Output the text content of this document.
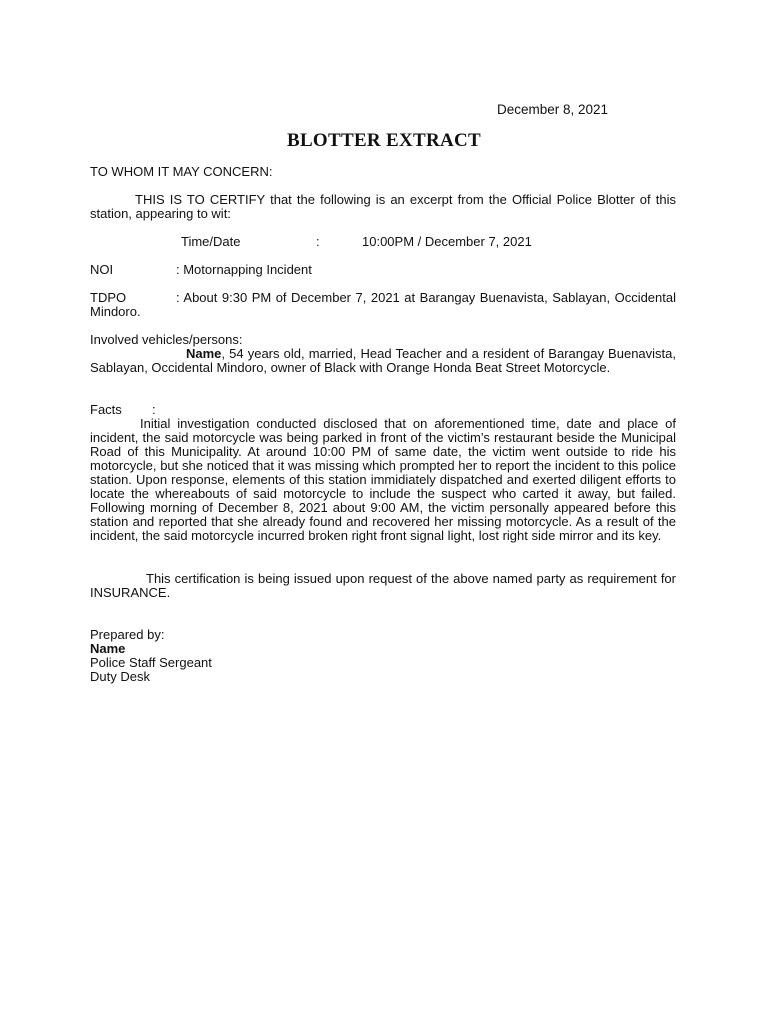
December 8, 2021
BLOTTER EXTRACT
TO WHOM IT MAY CONCERN:
THIS IS TO CERTIFY that the following is an excerpt from the Official Police Blotter of this station, appearing to wit:
Time/Date	:	10:00PM / December 7, 2021
NOI	: Motornapping Incident
TDPO	: About 9:30 PM of December 7, 2021 at Barangay Buenavista, Sablayan, Occidental Mindoro.
Involved vehicles/persons:
Name, 54 years old, married, Head Teacher and a resident of Barangay Buenavista, Sablayan, Occidental Mindoro, owner of Black with Orange Honda Beat Street Motorcycle.
Facts :
Initial investigation conducted disclosed that on aforementioned time, date and place of incident, the said motorcycle was being parked in front of the victim’s restaurant beside the Municipal Road of this Municipality. At around 10:00 PM of same date, the victim went outside to ride his motorcycle, but she noticed that it was missing which prompted her to report the incident to this police station. Upon response, elements of this station immidiately dispatched and exerted diligent efforts to locate the whereabouts of said motorcycle to include the suspect who carted it away, but failed. Following morning of December 8, 2021 about 9:00 AM, the victim personally appeared before this station and reported that she already found and recovered her missing motorcycle. As a result of the incident, the said motorcycle incurred broken right front signal light, lost right side mirror and its key.
This certification is being issued upon request of the above named party as requirement for INSURANCE.
Prepared by:
Name
Police Staff Sergeant
Duty Desk
